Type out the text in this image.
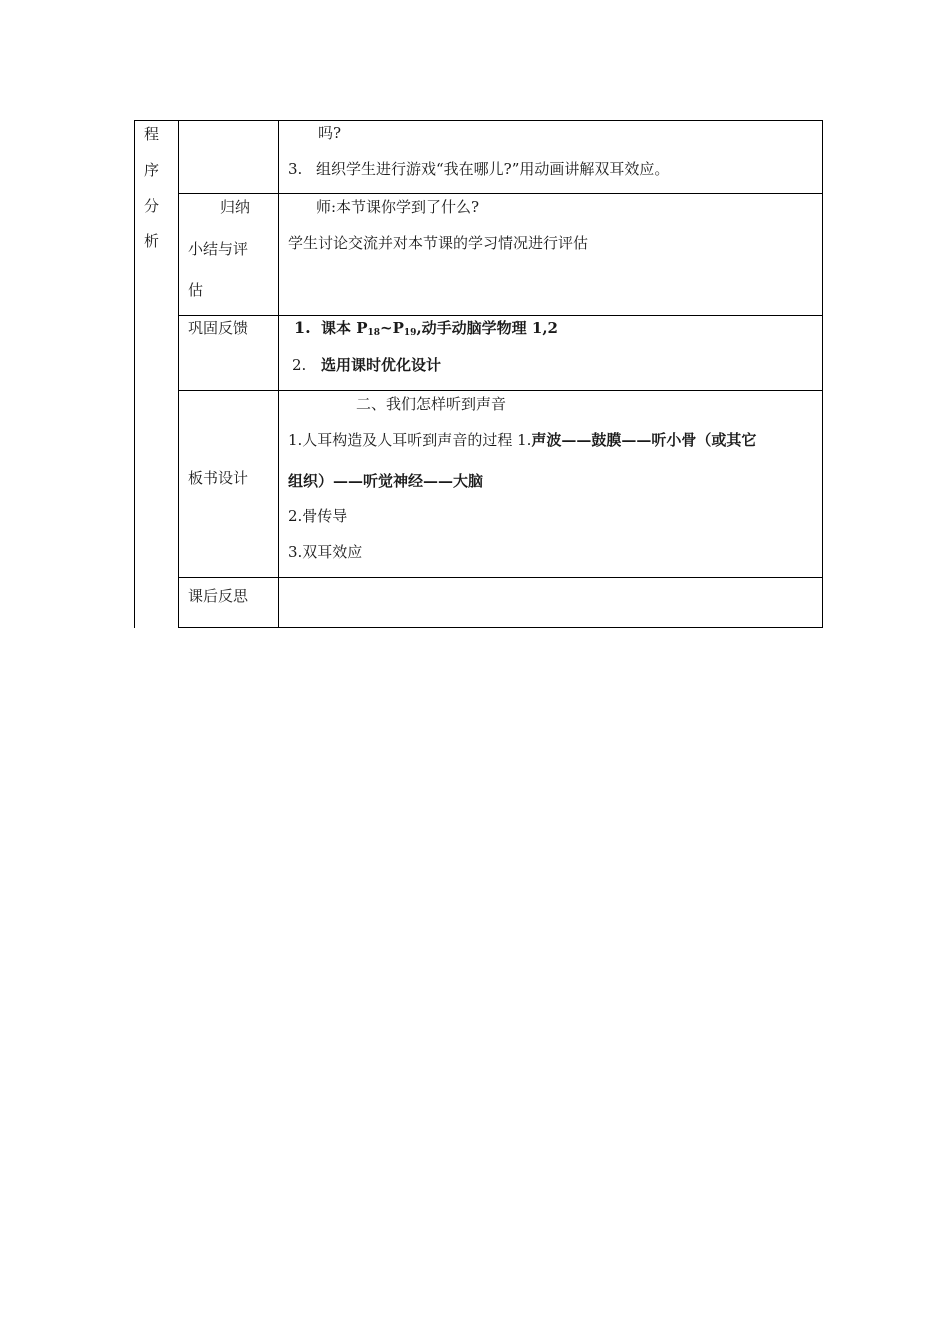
程
序
分
析
吗?
3. 组织学生进行游戏“我在哪儿?”用动画讲解双耳效应。
归纳
小结与评
估
师:本节课你学到了什么?
学生讨论交流并对本节课的学习情况进行评估
巩固反馈	1. 课本 $P_{18}\sim P_{19}$,动手动脑学物理 1,2
2. 选用课时优化设计
板书设计
二、我们怎样听到声音
1.人耳构造及人耳听到声音的过程 1.声波——鼓膜——听小骨（或其它
组织）——听觉神经——大脑
2.骨传导
3.双耳效应
课后反思
